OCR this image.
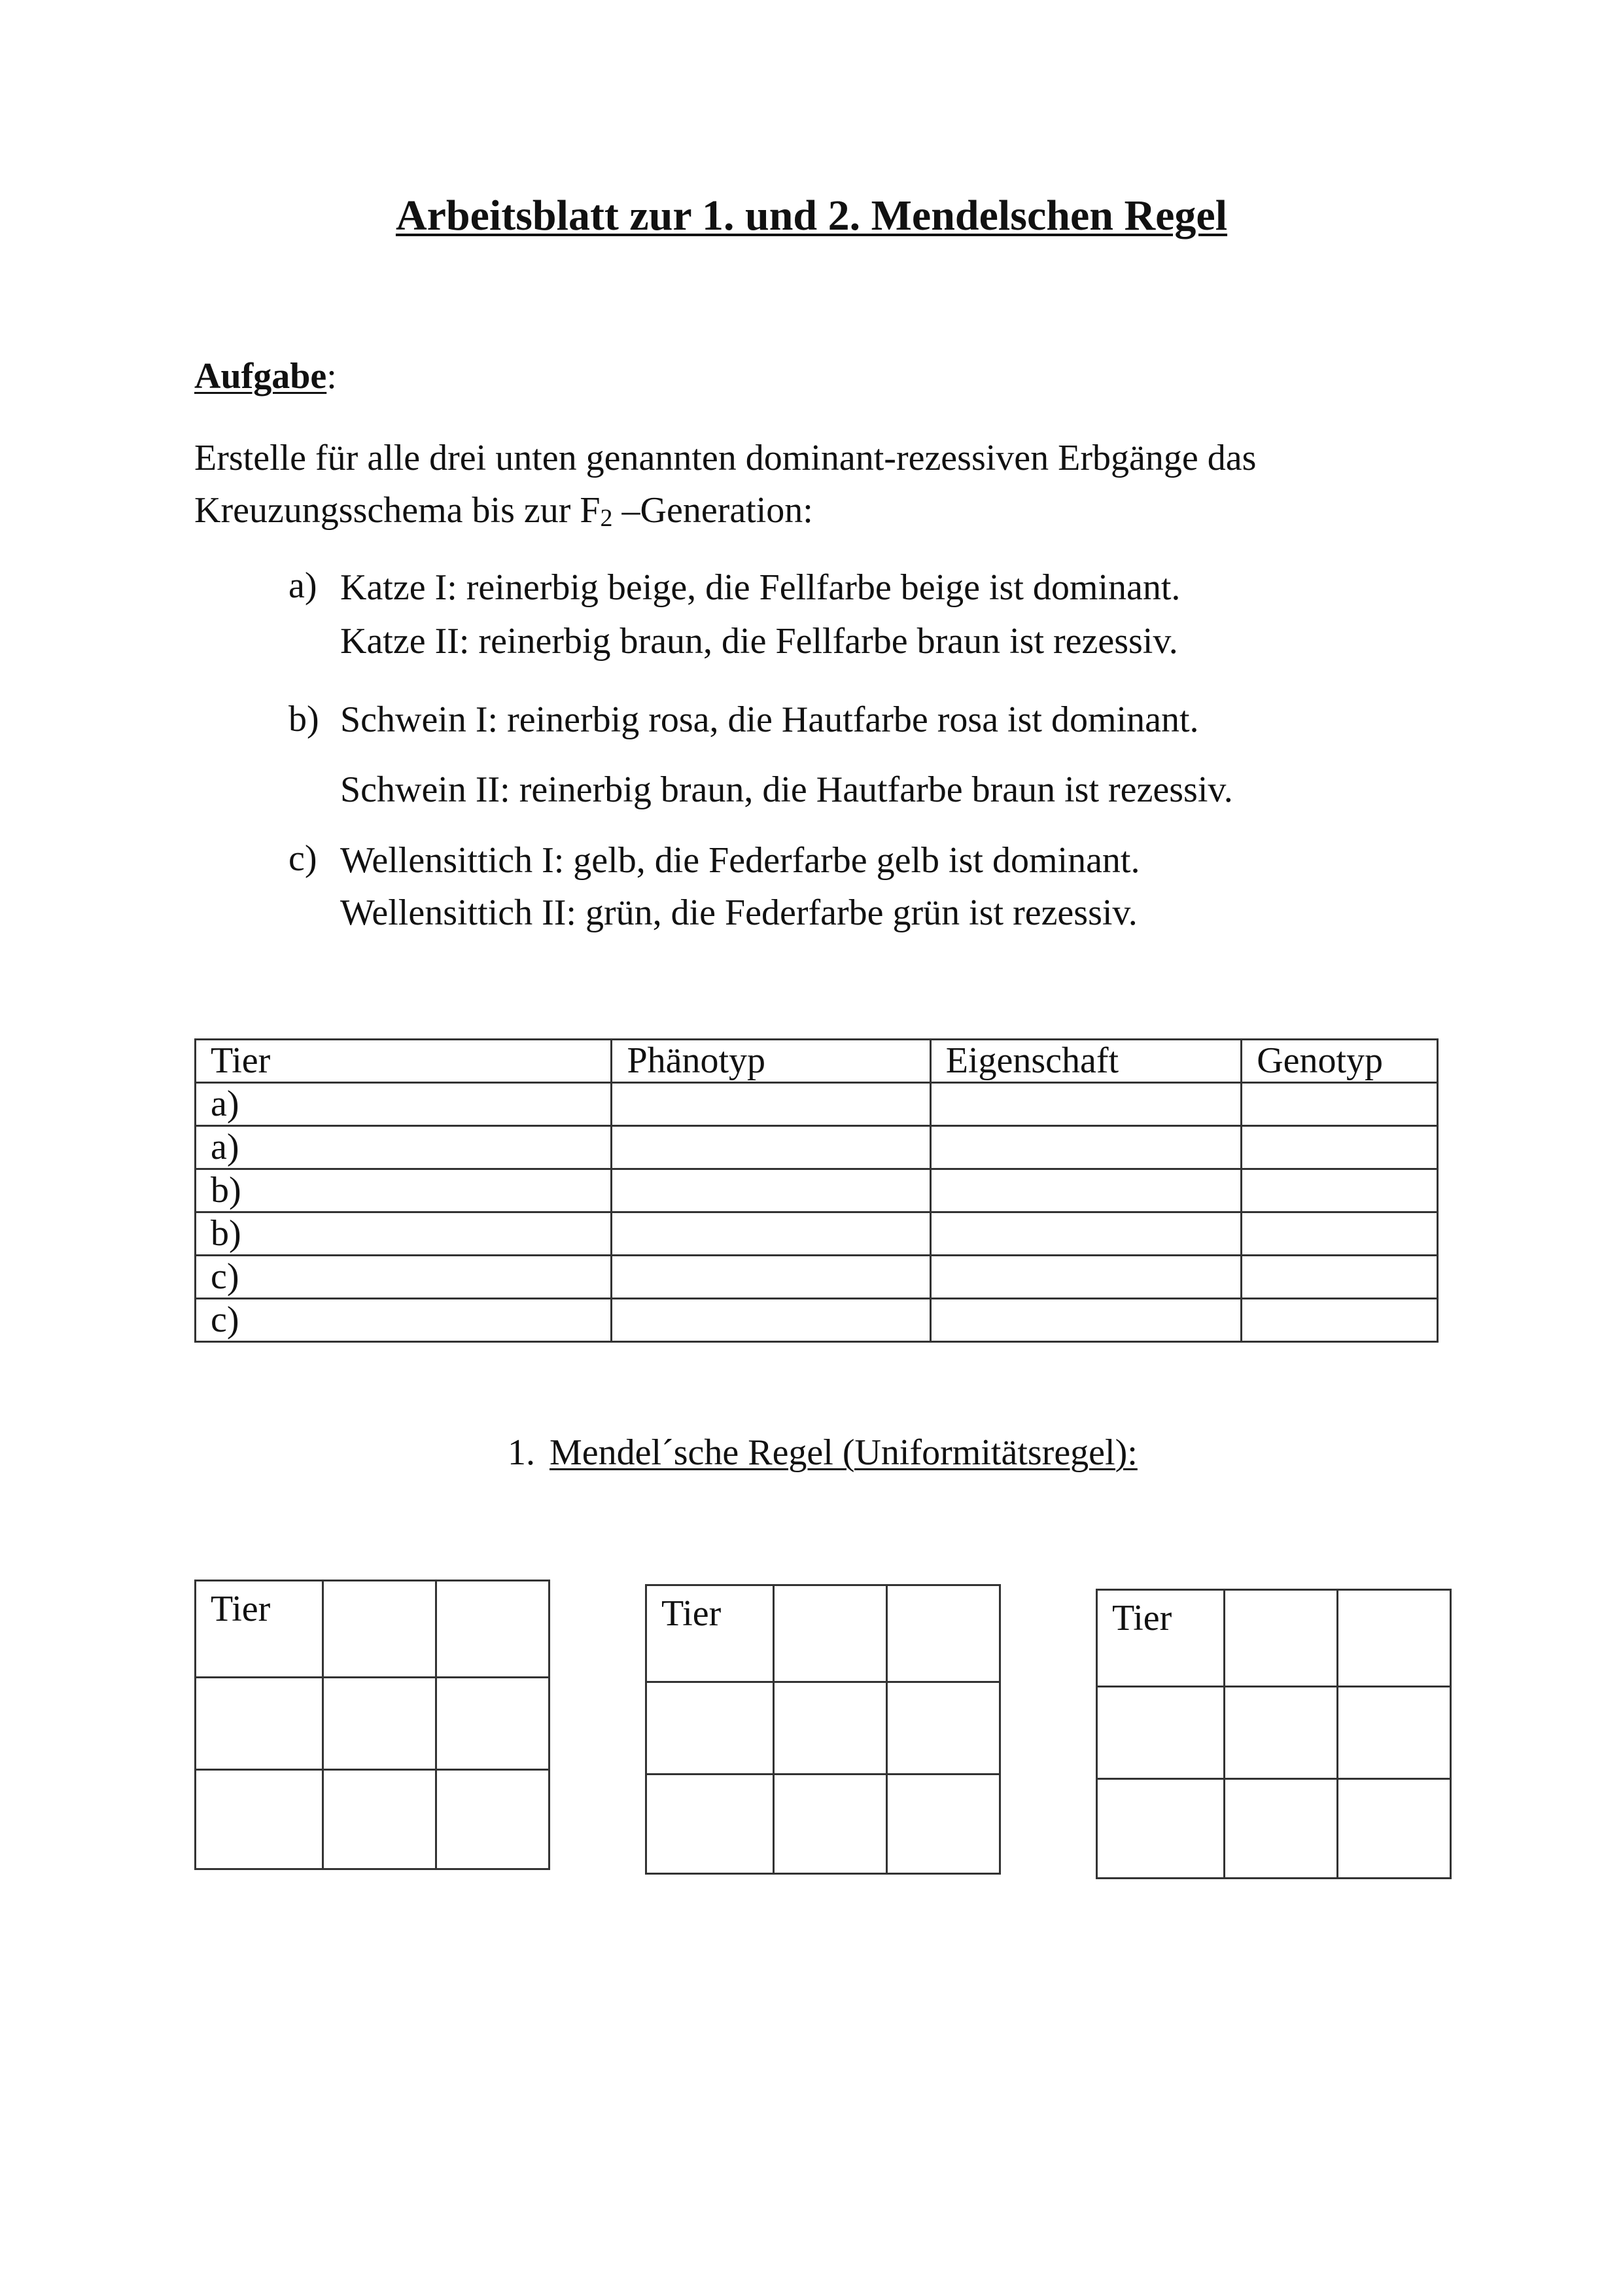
Arbeitsblatt zur 1. und 2. Mendelschen Regel
Aufgabe:
Erstelle für alle drei unten genannten dominant-rezessiven Erbgänge das
Kreuzungsschema bis zur $F_2$ –Generation:
a) Katze I: reinerbig beige, die Fellfarbe beige ist dominant.
Katze II: reinerbig braun, die Fellfarbe braun ist rezessiv.
b) Schwein I: reinerbig rosa, die Hautfarbe rosa ist dominant.
Schwein II: reinerbig braun, die Hautfarbe braun ist rezessiv.
c) Wellensittich I: gelb, die Federfarbe gelb ist dominant.
Wellensittich II: grün, die Federfarbe grün ist rezessiv.
Tier	Phänotyp	Eigenschaft	Genotyp
a)			
a)			
b)			
b)			
c)			
c)			
1. Mendel´sche Regel (Uniformitätsregel):
Tier		

			Tier		

			Tier		
